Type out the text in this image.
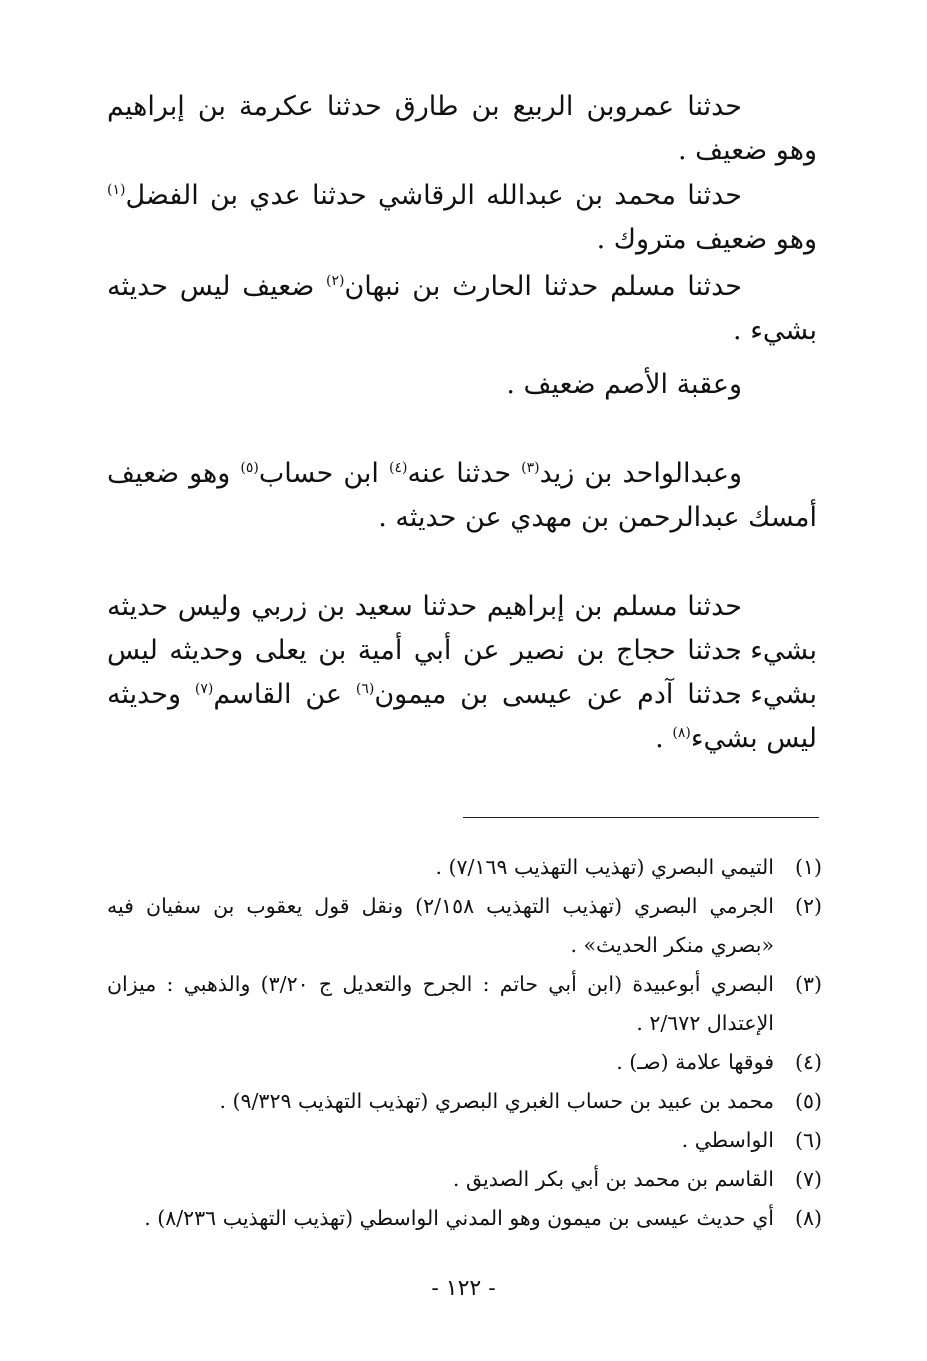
حدثنا عمروبن الربيع بن طارق حدثنا عكرمة بن إبراهيم وهو ضعيف .

حدثنا محمد بن عبدالله الرقاشي حدثنا عدي بن الفضل$^{(١)}$ وهو ضعيف متروك .

حدثنا مسلم حدثنا الحارث بن نبهان$^{(٢)}$ ضعيف ليس حديثه بشيء .

وعقبة الأصم ضعيف .

وعبدالواحد بن زيد$^{(٣)}$ حدثنا عنه$^{(٤)}$ ابن حساب$^{(٥)}$ وهو ضعيف أمسك عبدالرحمن بن مهدي عن حديثه .

حدثنا مسلم بن إبراهيم حدثنا سعيد بن زربي وليس حديثه بشيء .

حدثنا حجاج بن نصير عن أبي أمية بن يعلى وحديثه ليس بشيء .

حدثنا آدم عن عيسى بن ميمون$^{(٦)}$ عن القاسم$^{(٧)}$ وحديثه ليس بشيء$^{(٨)}$ .

(١)
التيمي البصري (تهذيب التهذيب ٧/١٦٩) .
(٢)
الجرمي البصري (تهذيب التهذيب ٢/١٥٨) ونقل قول يعقوب بن سفيان فيه «بصري منكر الحديث» .
(٣)
البصري أبوعبيدة (ابن أبي حاتم : الجرح والتعديل ج ٣/٢٠) والذهبي : ميزان الإعتدال ٢/٦٧٢ .
(٤)
فوقها علامة (صـ) .
(٥)
محمد بن عبيد بن حساب الغبري البصري (تهذيب التهذيب ٩/٣٢٩) .
(٦)
الواسطي .
(٧)
القاسم بن محمد بن أبي بكر الصديق .
(٨)
أي حديث عيسى بن ميمون وهو المدني الواسطي (تهذيب التهذيب ٨/٢٣٦) .
- ١٢٢ -
